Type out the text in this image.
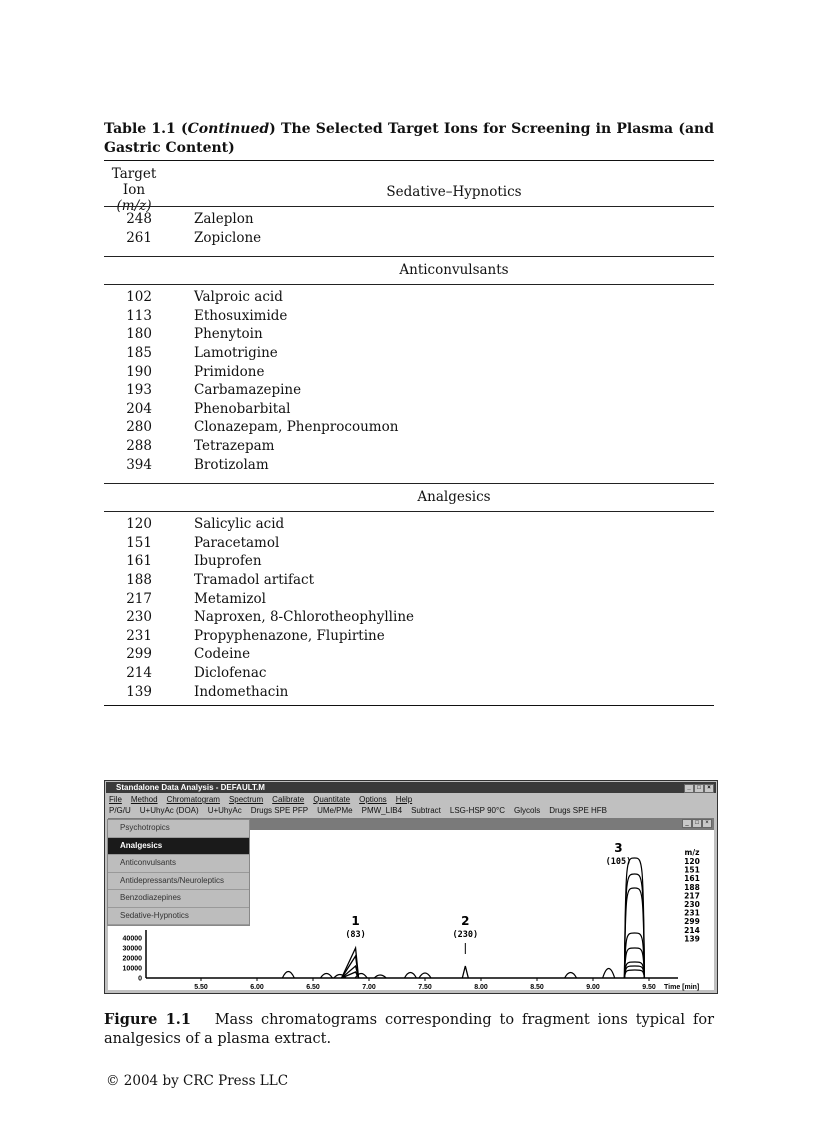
Table 1.1 (Continued) The Selected Target Ions for Screening in Plasma (and Gastric Content)
Target Ion
(m/z)
Sedative–Hypnotics
248	Zaleplon
261	Zopiclone
Anticonvulsants
102	Valproic acid
113	Ethosuximide
180	Phenytoin
185	Lamotrigine
190	Primidone
193	Carbamazepine
204	Phenobarbital
280	Clonazepam, Phenprocoumon
288	Tetrazepam
394	Brotizolam
Analgesics
120	Salicylic acid
151	Paracetamol
161	Ibuprofen
188	Tramadol artifact
217	Metamizol
230	Naproxen, 8-Chlorotheophylline
231	Propyphenazone, Flupirtine
299	Codeine
214	Diclofenac
139	Indomethacin
Standalone Data Analysis - DEFAULT.M	_	□	×
File Method Chromatogram Spectrum Calibrate Quantitate Options Help
P/G/U U+UhyAc (DOA) U+UhyAc Drugs SPE PFP UMe/PMe PMW_LIB4 Subtract LSG-HSP 90°C Glycols Drugs SPE HFB
_	□	×
5.50	6.00	6.50	7.00	7.50	8.00	8.50	9.00	9.50 Time [min]
0
10000
20000
30000
40000
1
(83)
2
(230)
3
(105)
m/z
120
151
161
188
217
230
231
299
214
139
Psychotropics
Analgesics
Anticonvulsants
Antidepressants/Neuroleptics
Benzodiazepines
Sedative-Hypnotics
Figure 1.1 Mass chromatograms corresponding to fragment ions typical for analgesics of a plasma extract.
© 2004 by CRC Press LLC
